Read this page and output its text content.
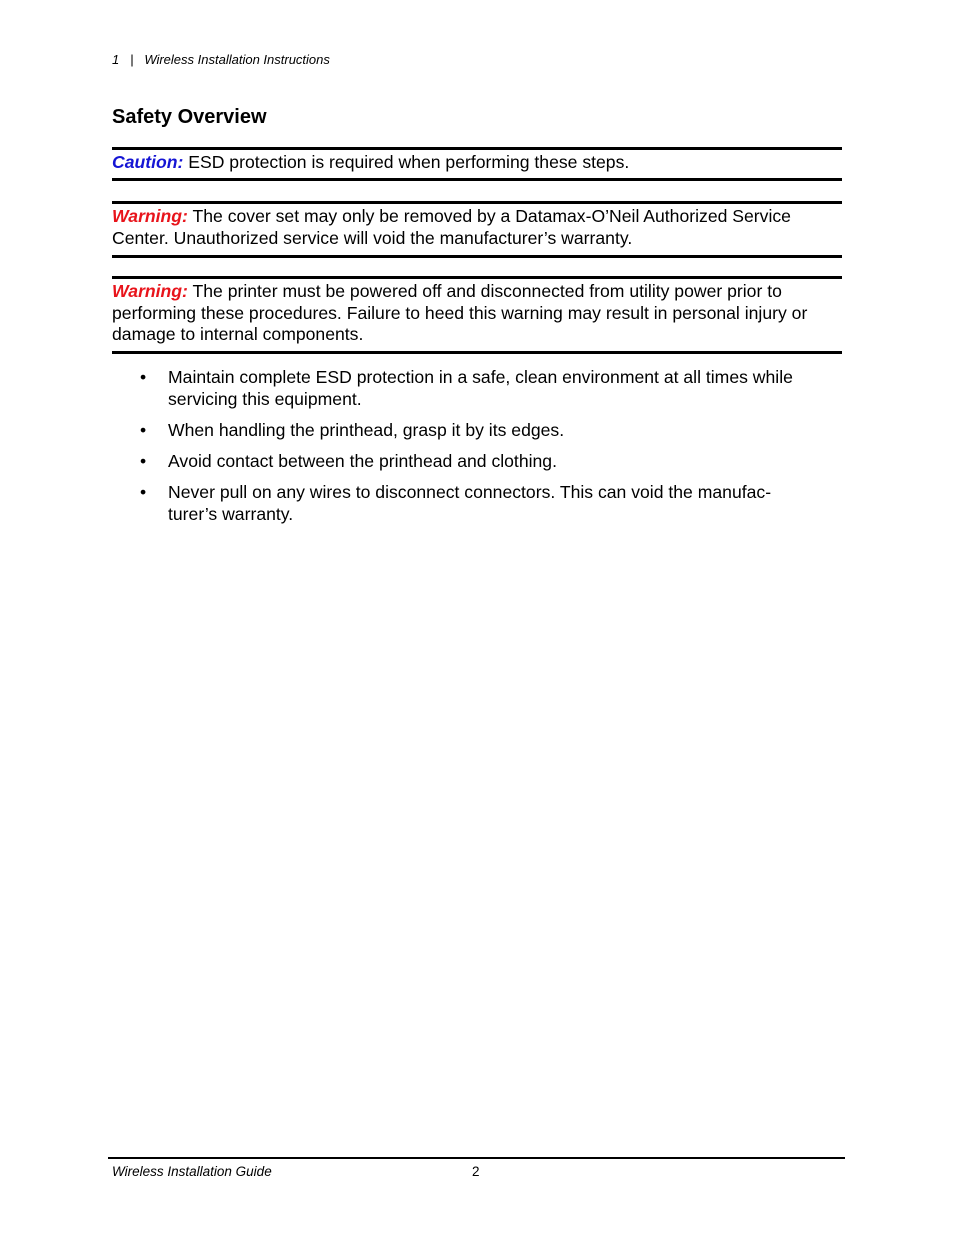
1 | Wireless Installation Instructions
Safety Overview
Caution: ESD protection is required when performing these steps.
Warning: The cover set may only be removed by a Datamax-O’Neil Authorized Service Center. Unauthorized service will void the manufacturer’s warranty.
Warning: The printer must be powered off and disconnected from utility power prior to performing these procedures. Failure to heed this warning may result in personal injury or damage to internal components.
• Maintain complete ESD protection in a safe, clean environment at all times while servicing this equipment.
• When handling the printhead, grasp it by its edges.
• Avoid contact between the printhead and clothing.
• Never pull on any wires to disconnect connectors. This can void the manufac-
turer’s warranty.
Wireless Installation Guide	2
